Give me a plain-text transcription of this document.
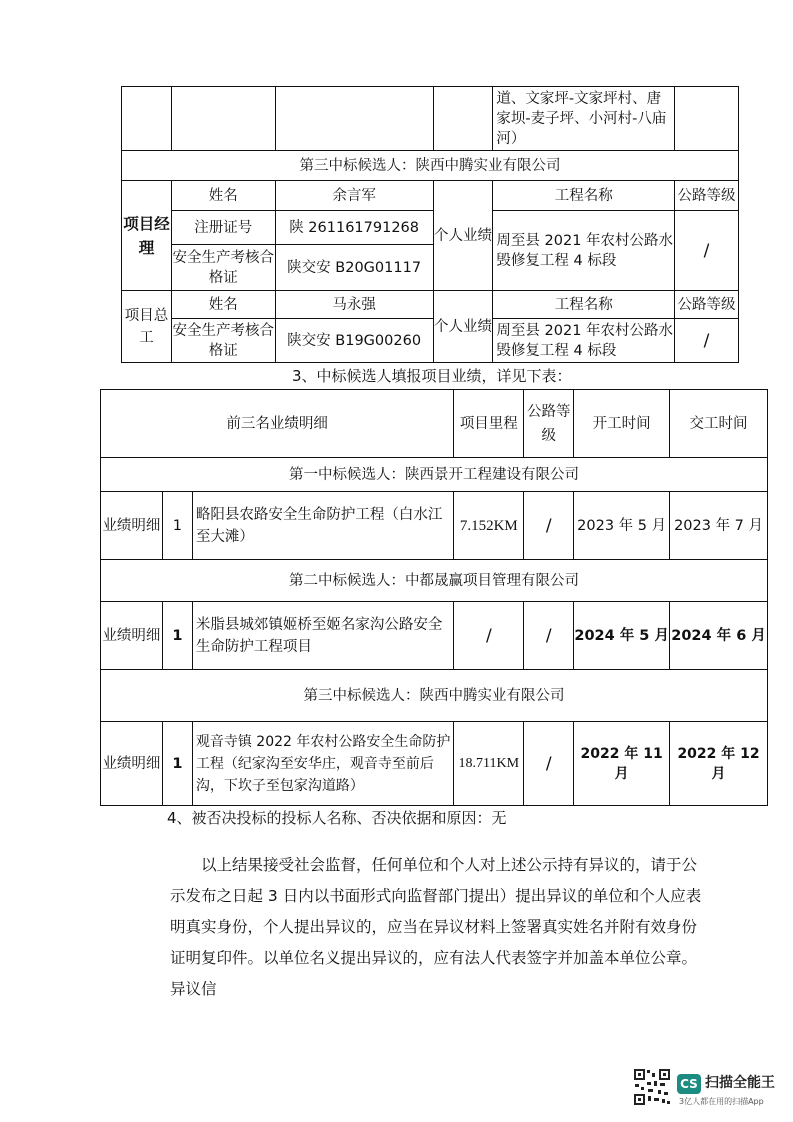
				道、文家坪-文家坪村、唐家坝-麦子坪、小河村-八庙河）	
第三中标候选人：陕西中腾实业有限公司					
项目经理	姓名	余言军	个人业绩	工程名称	公路等级
	注册证号	陕 261161791268		周至县 2021 年农村公路水毁修复工程 4 标段	/
	安全生产考核合格证	陕交安 B20G01117			
项目总工	姓名	马永强	个人业绩	工程名称	公路等级
	安全生产考核合格证	陕交安 B19G00260		周至县 2021 年农村公路水毁修复工程 4 标段	/

3、中标候选人填报项目业绩，详见下表：

前三名业绩明细			项目里程	公路等级	开工时间	交工时间
第一中标候选人：陕西景开工程建设有限公司						
业绩明细	1	略阳县农路安全生命防护工程（白水江至大滩）	7.152KM	/	2023 年 5 月	2023 年 7 月
第二中标候选人：中都晟赢项目管理有限公司						
业绩明细	1	米脂县城郊镇姬桥至姬名家沟公路安全生命防护工程项目	/	/	2024 年 5 月	2024 年 6 月
第三中标候选人：陕西中腾实业有限公司						
业绩明细	1	观音寺镇 2022 年农村公路安全生命防护工程（纪家沟至安华庄，观音寺至前后沟，下坎子至包家沟道路）	18.711KM	/	2022 年 11 月	2022 年 12 月

4、被否决投标的投标人名称、否决依据和原因：无

以上结果接受社会监督，任何单位和个人对上述公示持有异议的，请于公示发布之日起 3 日内以书面形式向监督部门提出）提出异议的单位和个人应表明真实身份，个人提出异议的，应当在异议材料上签署真实姓名并附有效身份证明复印件。以单位名义提出异议的，应有法人代表签字并加盖本单位公章。异议信

CS 扫描全能王
3亿人都在用的扫描App
